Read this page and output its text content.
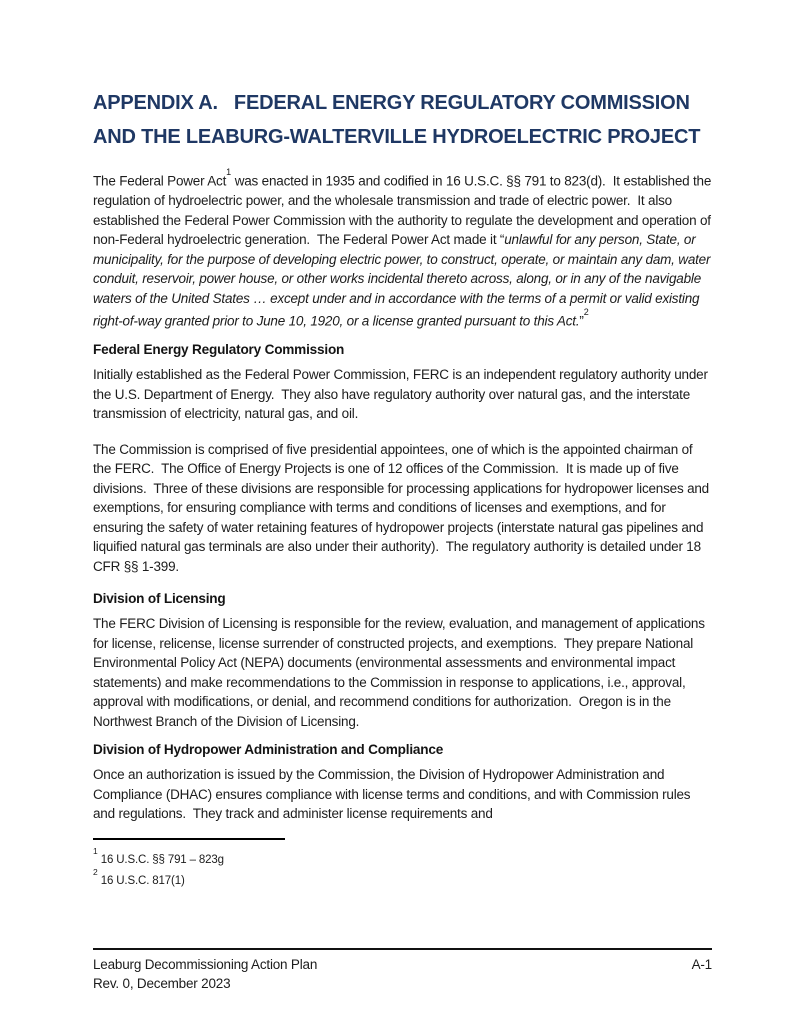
APPENDIX A.   FEDERAL ENERGY REGULATORY COMMISSION
AND THE LEABURG-WALTERVILLE HYDROELECTRIC PROJECT

The Federal Power Act$^1$ was enacted in 1935 and codified in 16 U.S.C. §§ 791 to 823(d).  It established the regulation of hydroelectric power, and the wholesale transmission and trade of electric power.  It also established the Federal Power Commission with the authority to regulate the development and operation of non-Federal hydroelectric generation.  The Federal Power Act made it “unlawful for any person, State, or municipality, for the purpose of developing electric power, to construct, operate, or maintain any dam, water conduit, reservoir, power house, or other works incidental thereto across, along, or in any of the navigable waters of the United States … except under and in accordance with the terms of a permit or valid existing right-of-way granted prior to June 10, 1920, or a license granted pursuant to this Act.”$^2$

Federal Energy Regulatory Commission

Initially established as the Federal Power Commission, FERC is an independent regulatory authority under the U.S. Department of Energy.  They also have regulatory authority over natural gas, and the interstate transmission of electricity, natural gas, and oil.

The Commission is comprised of five presidential appointees, one of which is the appointed chairman of the FERC.  The Office of Energy Projects is one of 12 offices of the Commission.  It is made up of five divisions.  Three of these divisions are responsible for processing applications for hydropower licenses and exemptions, for ensuring compliance with terms and conditions of licenses and exemptions, and for ensuring the safety of water retaining features of hydropower projects (interstate natural gas pipelines and liquified natural gas terminals are also under their authority).  The regulatory authority is detailed under 18 CFR §§ 1-399.

Division of Licensing

The FERC Division of Licensing is responsible for the review, evaluation, and management of applications for license, relicense, license surrender of constructed projects, and exemptions.  They prepare National Environmental Policy Act (NEPA) documents (environmental assessments and environmental impact statements) and make recommendations to the Commission in response to applications, i.e., approval, approval with modifications, or denial, and recommend conditions for authorization.  Oregon is in the Northwest Branch of the Division of Licensing.

Division of Hydropower Administration and Compliance

Once an authorization is issued by the Commission, the Division of Hydropower Administration and Compliance (DHAC) ensures compliance with license terms and conditions, and with Commission rules and regulations.  They track and administer license requirements and

$^1$16 U.S.C. §§ 791 – 823g
$^2$16 U.S.C. 817(1)
Leaburg Decommissioning Action Plan	A-1
Rev. 0, December 2023
